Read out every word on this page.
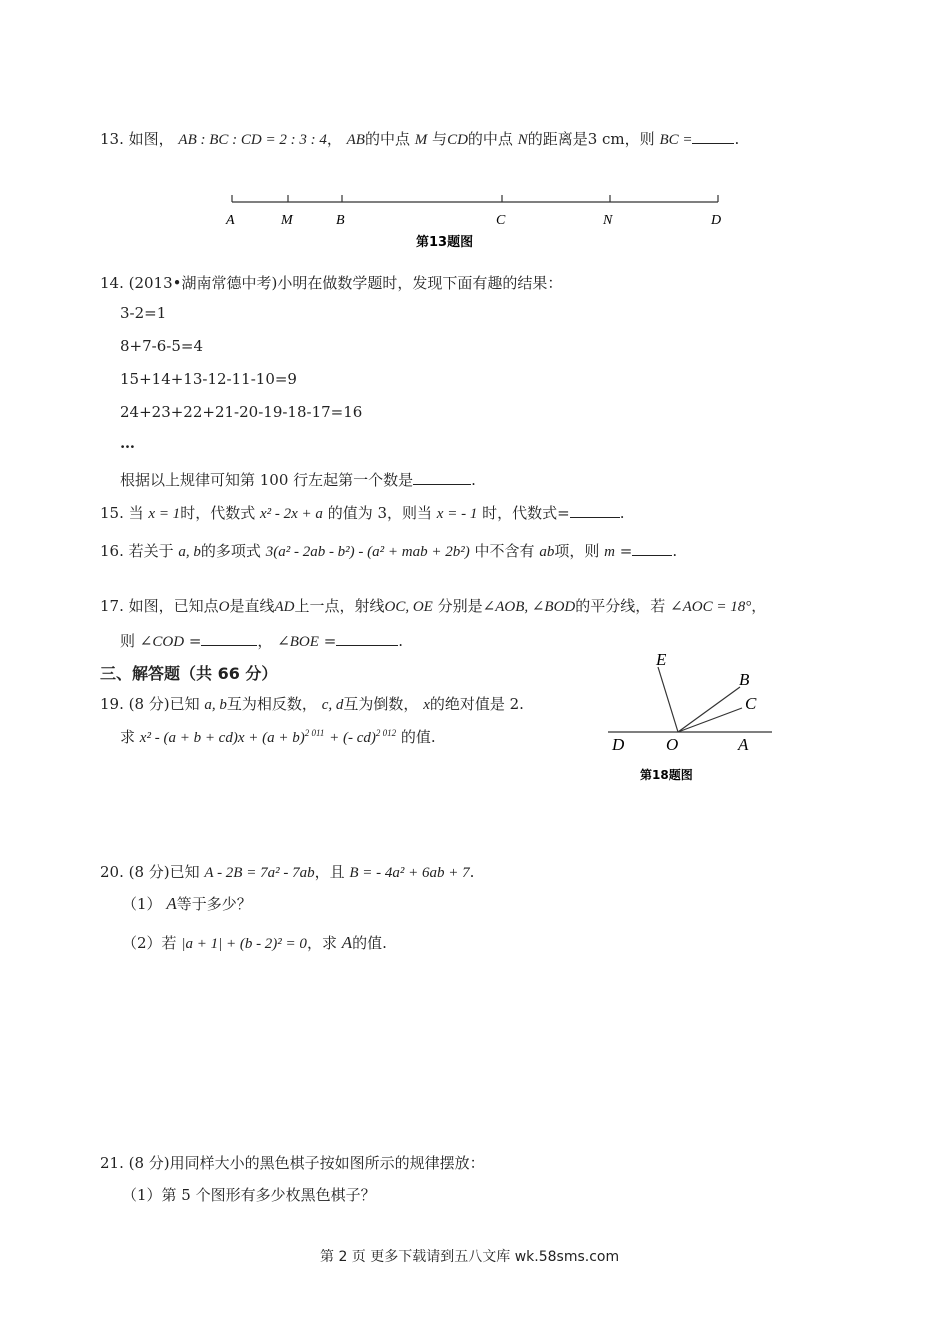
13. 如图， AB : BC : CD = 2 : 3 : 4， AB的中点 M 与CD的中点 N的距离是3 cm，则 BC =	.
A	M	B	C	N	D
第13题图
14. (2013•湖南常德中考)小明在做数学题时，发现下面有趣的结果：
3-2=1
8+7-6-5=4
15+14+13-12-11-10=9
24+23+22+21-20-19-18-17=16
…
根据以上规律可知第 100 行左起第一个数是	.
15. 当 x = 1时，代数式 x² - 2x + a 的值为 3，则当 x = - 1 时，代数式=	.
16. 若关于 a, b的多项式 3(a² - 2ab - b²) - (a² + mab + 2b²) 中不含有 ab项，则 m =	.
17. 如图，已知点O是直线AD上一点，射线OC, OE 分别是∠AOB, ∠BOD的平分线，若 ∠AOC = 18°，
则 ∠COD =	， ∠BOE =	.
三、解答题（共 66 分）
19. (8 分)已知 a, b互为相反数， c, d互为倒数， x的绝对值是 2.
求 $x^2 - (a + b + cd)x + (a + b)^{2 011}$ + (- cd)$^{2 012}$ 的值.
E
B
C
D O	A
第18题图
20. (8 分)已知 A - 2B = 7a² - 7ab，且 B = - 4a² + 6ab + 7.
（1） A等于多少？
（2）若 |a + 1| + (b - 2)² = 0，求 A的值.
21. (8 分)用同样大小的黑色棋子按如图所示的规律摆放：
（1）第 5 个图形有多少枚黑色棋子？
第 2 页 更多下载请到五八文库 wk.58sms.com
